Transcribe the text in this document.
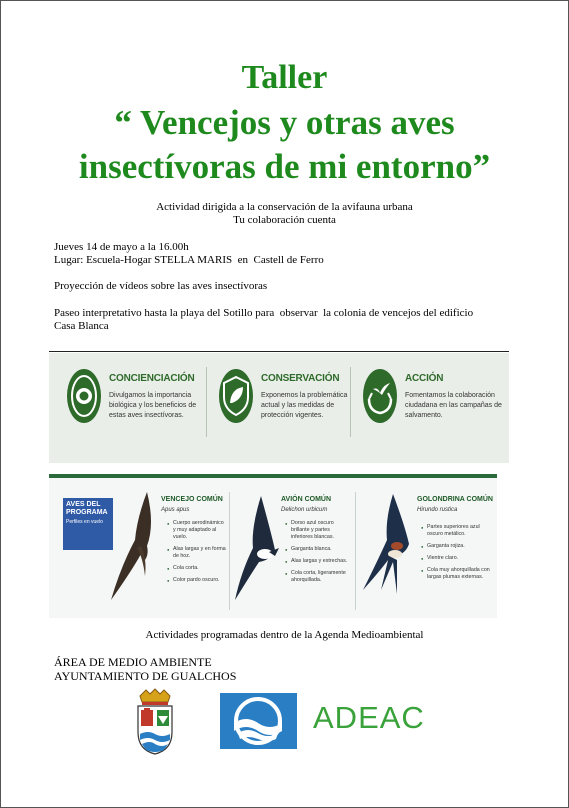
Taller
“ Vencejos y otras aves
insectívoras de mi entorno”
Actividad dirigida a la conservación de la avifauna urbana
Tu colaboración cuenta
Jueves 14 de mayo a la 16.00h
Lugar: Escuela-Hogar STELLA MARIS  en  Castell de Ferro
Proyección de vídeos sobre las aves insectívoras
Paseo interpretativo hasta la playa del Sotillo para  observar  la colonia de vencejos del edificio
Casa Blanca
CONCIENCIACIÓN
Divulgamos la importancia biológica y los beneficios de estas aves insectívoras.
CONSERVACIÓN
Exponemos la problemática actual y las medidas de protección vigentes.
ACCIÓN
Fomentamos la colaboración ciudadana en las campañas de salvamento.
AVES DEL PROGRAMA
Perfiles en vuelo
VENCEJO COMÚN
Apus apus
● Cuerpo aerodinámico y muy adaptado al vuelo.
● Alas largas y en forma de hoz.
● Cola corta.
● Color pardo oscuro.
AVIÓN COMÚN
Delichon urbicum
● Dorso azul oscuro brillante y partes inferiores blancas.
● Garganta blanca.
● Alas largas y estrechas.
● Cola corta, ligeramente ahorquillada.
GOLONDRINA COMÚN
Hirundo rustica
● Partes superiores azul oscuro metálico.
● Garganta rojiza.
● Vientre claro.
● Cola muy ahorquillada con largas plumas externas.
Actividades programadas dentro de la Agenda Medioambiental
ÁREA DE MEDIO AMBIENTE
AYUNTAMIENTO DE GUALCHOS
ADEAC
